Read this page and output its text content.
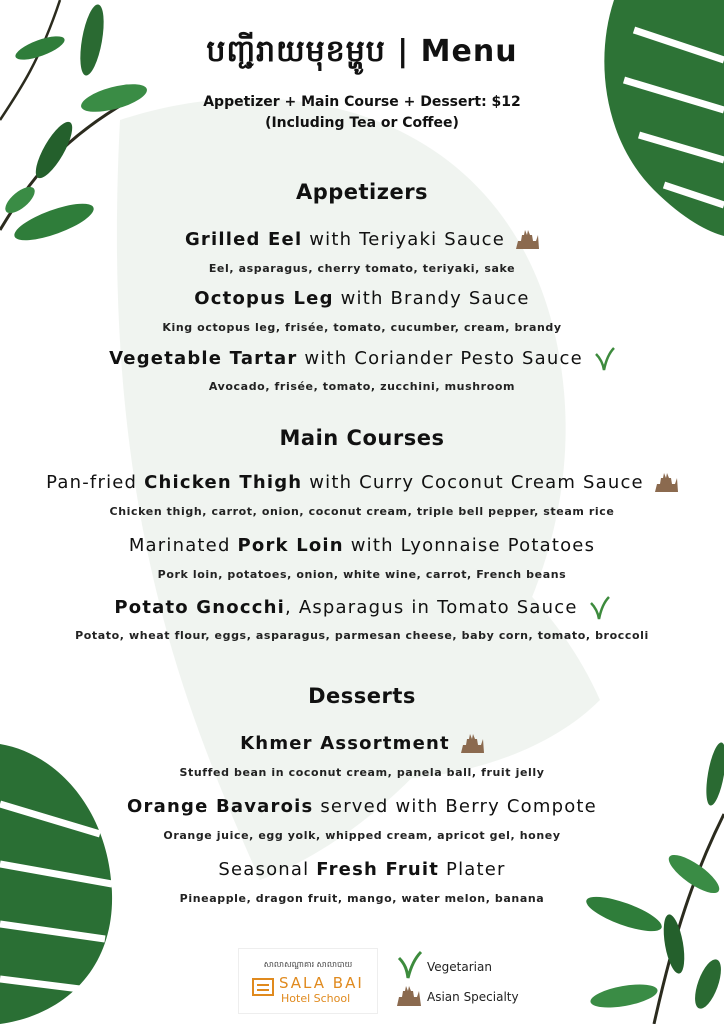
បញ្ជីរាយមុខម្ហូប | Menu
Appetizer + Main Course + Dessert: $12
(Including Tea or Coffee)
Appetizers
Main Courses
Desserts
Grilled Eel with Teriyaki Sauce
Eel, asparagus, cherry tomato, teriyaki, sake
Octopus Leg with Brandy Sauce
King octopus leg, frisée, tomato, cucumber, cream, brandy
Vegetable Tartar with Coriander Pesto Sauce
Avocado, frisée, tomato, zucchini, mushroom
Pan-fried Chicken Thigh with Curry Coconut Cream Sauce
Chicken thigh, carrot, onion, coconut cream, triple bell pepper, steam rice
Marinated Pork Loin with Lyonnaise Potatoes
Pork loin, potatoes, onion, white wine, carrot, French beans
Potato Gnocchi, Asparagus in Tomato Sauce
Potato, wheat flour, eggs, asparagus, parmesan cheese, baby corn, tomato, broccoli
Khmer Assortment
Stuffed bean in coconut cream, panela ball, fruit jelly
Orange Bavarois served with Berry Compote
Orange juice, egg yolk, whipped cream, apricot gel, honey
Seasonal Fresh Fruit Plater
Pineapple, dragon fruit, mango, water melon, banana
សាលាសណ្ឋាគារ សាលាបាយ
SALA BAI
Hotel School
Vegetarian
Asian Specialty
